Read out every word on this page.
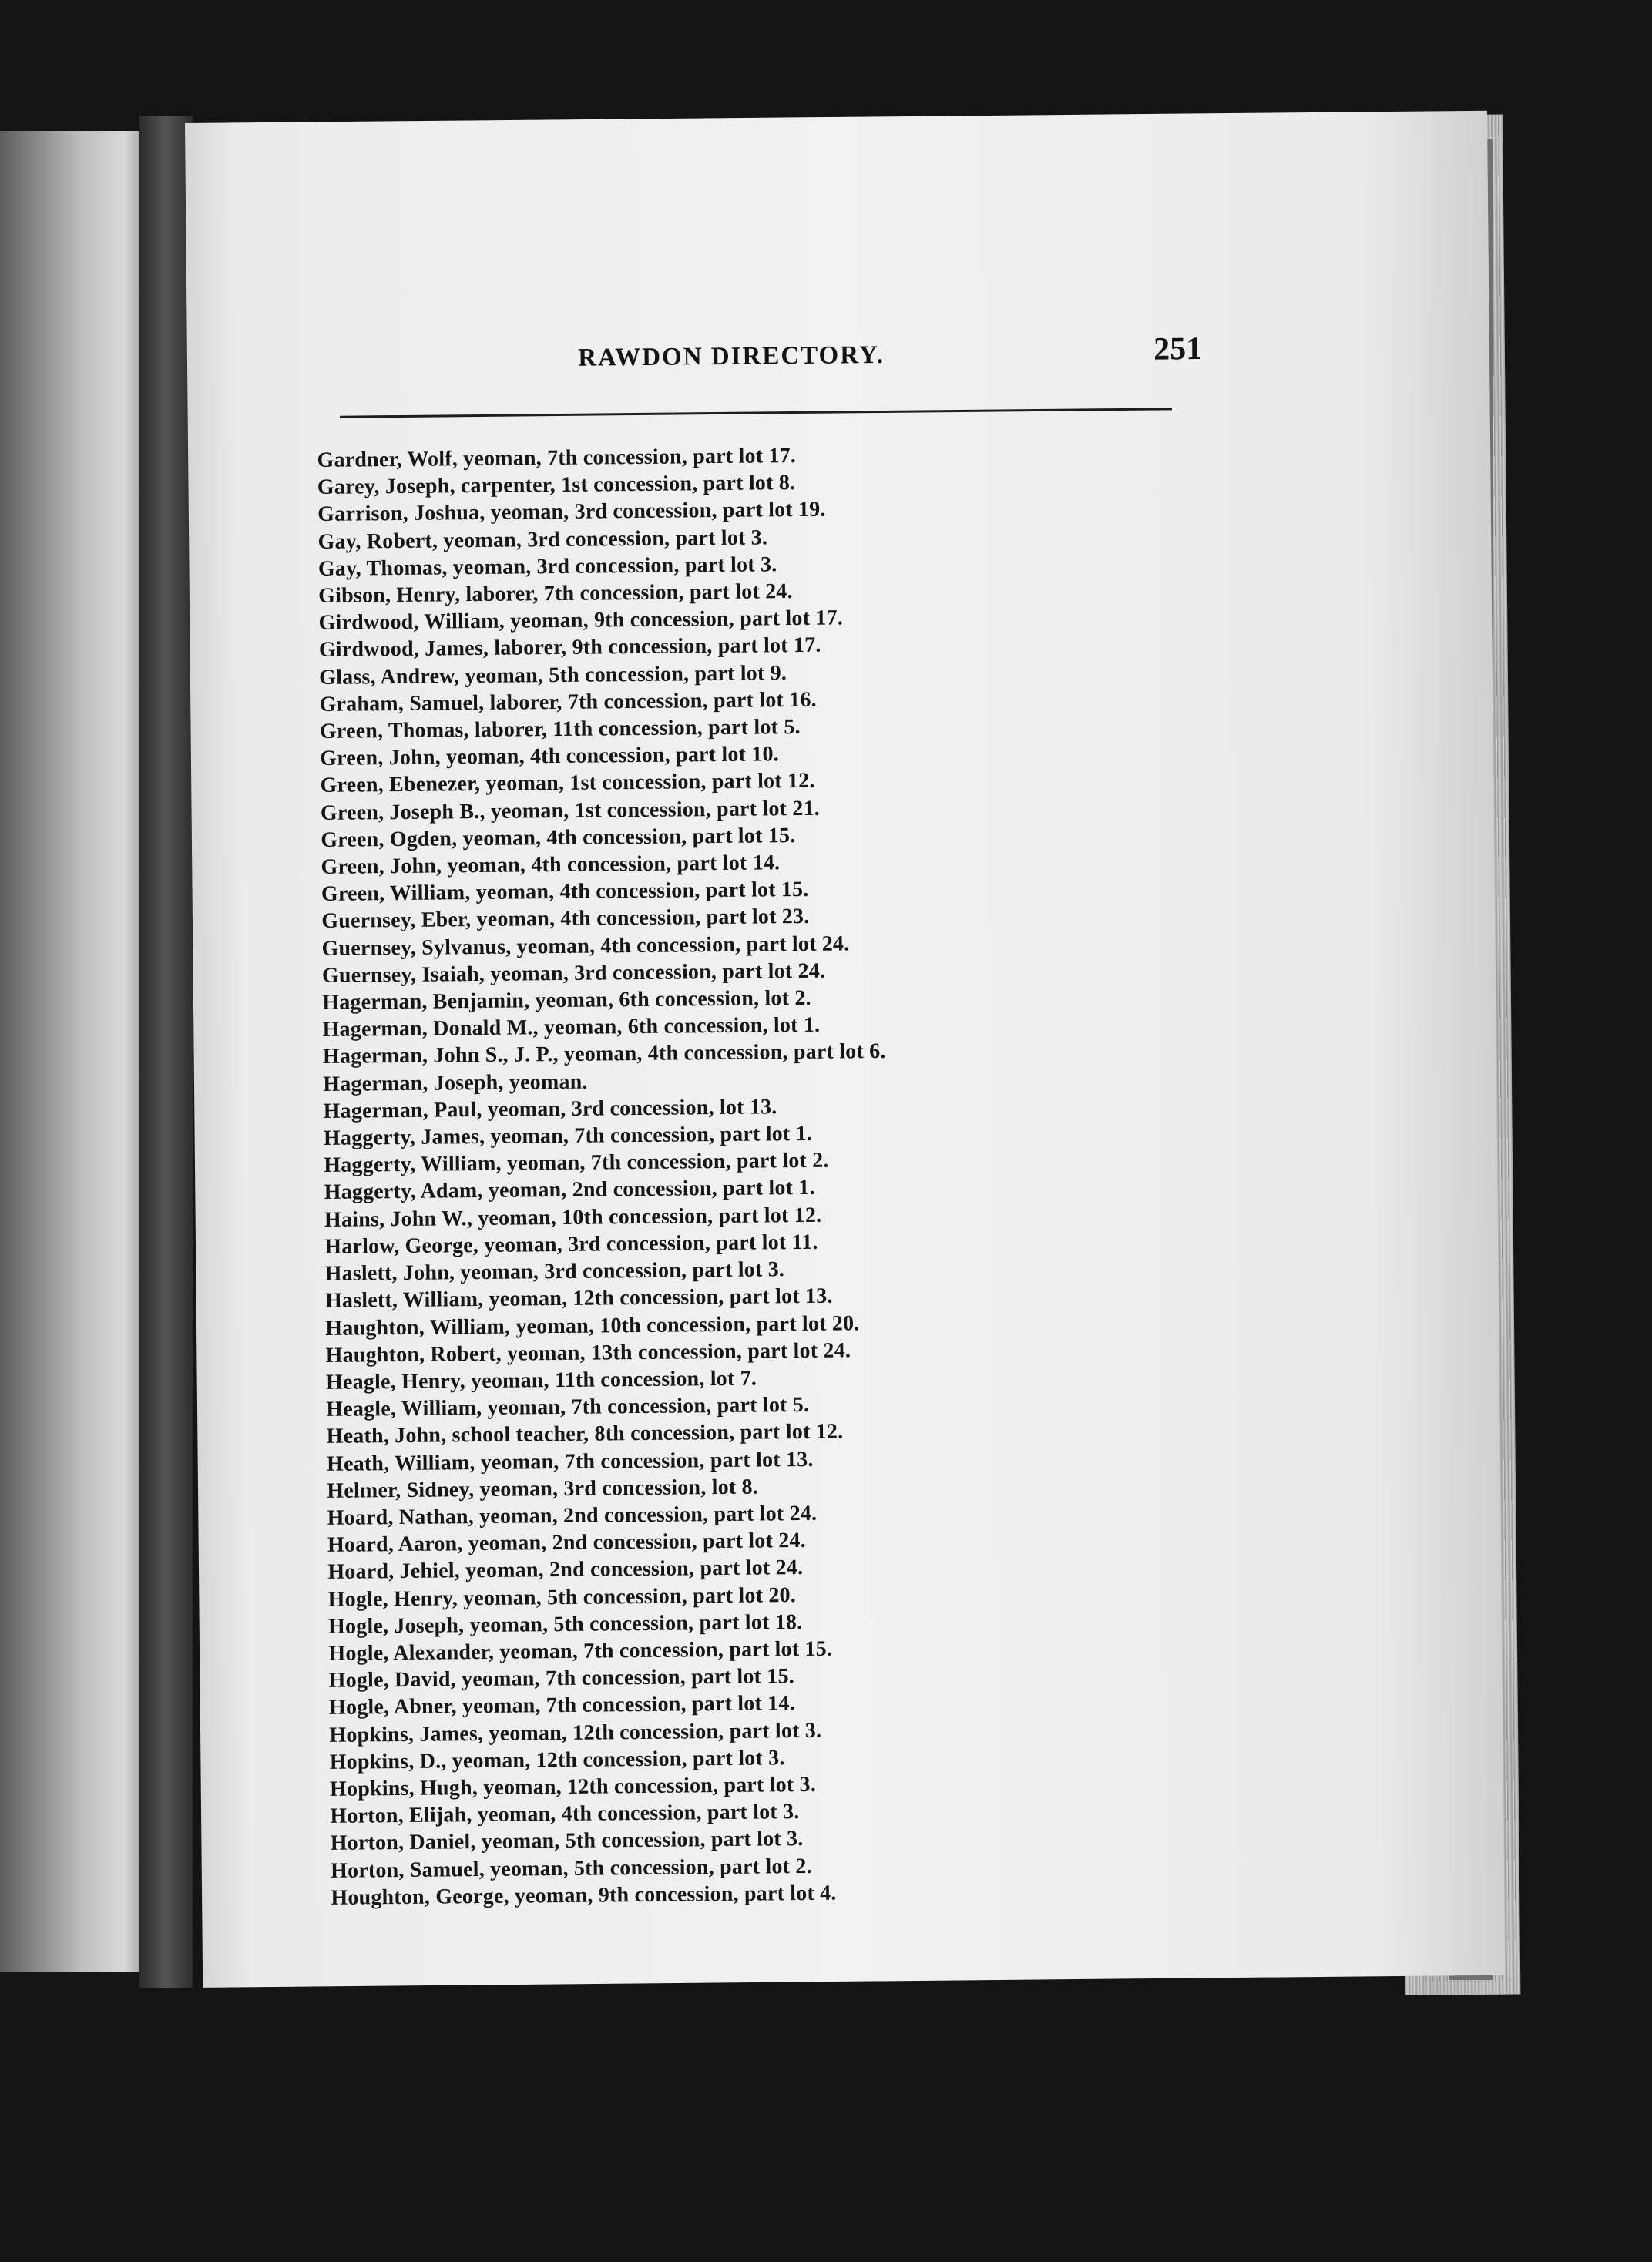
RAWDON DIRECTORY.	251
Gardner, Wolf, yeoman, 7th concession, part lot 17.
Garey, Joseph, carpenter, 1st concession, part lot 8.
Garrison, Joshua, yeoman, 3rd concession, part lot 19.
Gay, Robert, yeoman, 3rd concession, part lot 3.
Gay, Thomas, yeoman, 3rd concession, part lot 3.
Gibson, Henry, laborer, 7th concession, part lot 24.
Girdwood, William, yeoman, 9th concession, part lot 17.
Girdwood, James, laborer, 9th concession, part lot 17.
Glass, Andrew, yeoman, 5th concession, part lot 9.
Graham, Samuel, laborer, 7th concession, part lot 16.
Green, Thomas, laborer, 11th concession, part lot 5.
Green, John, yeoman, 4th concession, part lot 10.
Green, Ebenezer, yeoman, 1st concession, part lot 12.
Green, Joseph B., yeoman, 1st concession, part lot 21.
Green, Ogden, yeoman, 4th concession, part lot 15.
Green, John, yeoman, 4th concession, part lot 14.
Green, William, yeoman, 4th concession, part lot 15.
Guernsey, Eber, yeoman, 4th concession, part lot 23.
Guernsey, Sylvanus, yeoman, 4th concession, part lot 24.
Guernsey, Isaiah, yeoman, 3rd concession, part lot 24.
Hagerman, Benjamin, yeoman, 6th concession, lot 2.
Hagerman, Donald M., yeoman, 6th concession, lot 1.
Hagerman, John S., J. P., yeoman, 4th concession, part lot 6.
Hagerman, Joseph, yeoman.
Hagerman, Paul, yeoman, 3rd concession, lot 13.
Haggerty, James, yeoman, 7th concession, part lot 1.
Haggerty, William, yeoman, 7th concession, part lot 2.
Haggerty, Adam, yeoman, 2nd concession, part lot 1.
Hains, John W., yeoman, 10th concession, part lot 12.
Harlow, George, yeoman, 3rd concession, part lot 11.
Haslett, John, yeoman, 3rd concession, part lot 3.
Haslett, William, yeoman, 12th concession, part lot 13.
Haughton, William, yeoman, 10th concession, part lot 20.
Haughton, Robert, yeoman, 13th concession, part lot 24.
Heagle, Henry, yeoman, 11th concession, lot 7.
Heagle, William, yeoman, 7th concession, part lot 5.
Heath, John, school teacher, 8th concession, part lot 12.
Heath, William, yeoman, 7th concession, part lot 13.
Helmer, Sidney, yeoman, 3rd concession, lot 8.
Hoard, Nathan, yeoman, 2nd concession, part lot 24.
Hoard, Aaron, yeoman, 2nd concession, part lot 24.
Hoard, Jehiel, yeoman, 2nd concession, part lot 24.
Hogle, Henry, yeoman, 5th concession, part lot 20.
Hogle, Joseph, yeoman, 5th concession, part lot 18.
Hogle, Alexander, yeoman, 7th concession, part lot 15.
Hogle, David, yeoman, 7th concession, part lot 15.
Hogle, Abner, yeoman, 7th concession, part lot 14.
Hopkins, James, yeoman, 12th concession, part lot 3.
Hopkins, D., yeoman, 12th concession, part lot 3.
Hopkins, Hugh, yeoman, 12th concession, part lot 3.
Horton, Elijah, yeoman, 4th concession, part lot 3.
Horton, Daniel, yeoman, 5th concession, part lot 3.
Horton, Samuel, yeoman, 5th concession, part lot 2.
Houghton, George, yeoman, 9th concession, part lot 4.
